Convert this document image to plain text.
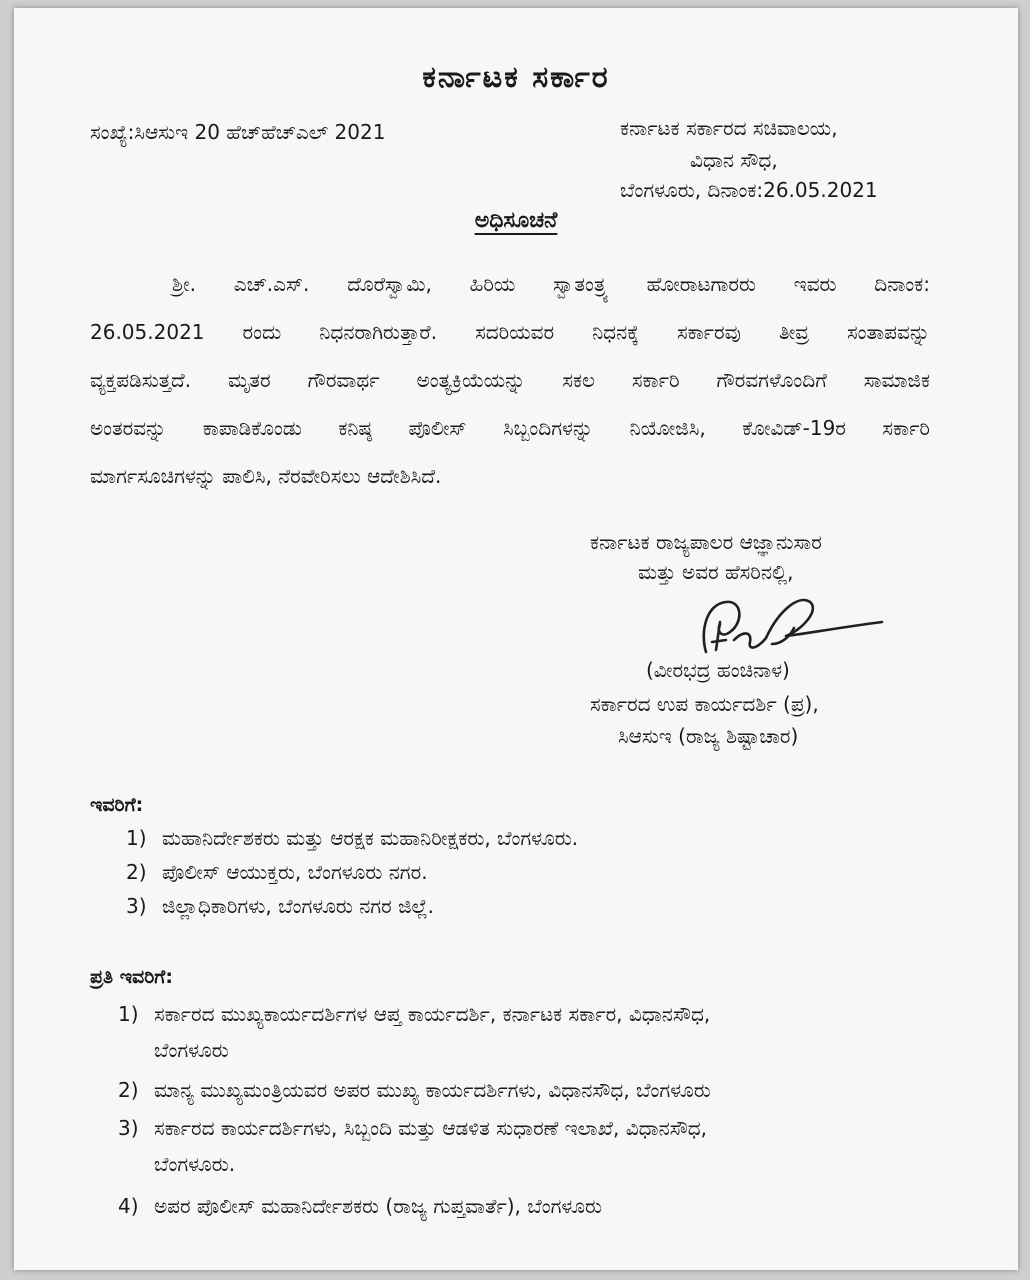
ಕರ್ನಾಟಕ ಸರ್ಕಾರ
ಸಂಖ್ಯೆ:ಸಿಆಸುಇ 20 ಹೆಚ್‌ಹೆಚ್‌ಎಲ್ 2021	ಕರ್ನಾಟಕ ಸರ್ಕಾರದ ಸಚಿವಾಲಯ,
ವಿಧಾನ ಸೌಧ,
ಬೆಂಗಳೂರು, ದಿನಾಂಕ:26.05.2021
ಅಧಿಸೂಚನೆ
ಶ್ರೀ. ಎಚ್.ಎಸ್. ದೊರೆಸ್ವಾಮಿ, ಹಿರಿಯ ಸ್ವಾತಂತ್ರ್ಯ ಹೋರಾಟಗಾರರು ಇವರು ದಿನಾಂಕ:
26.05.2021 ರಂದು ನಿಧನರಾಗಿರುತ್ತಾರೆ. ಸದರಿಯವರ ನಿಧನಕ್ಕೆ ಸರ್ಕಾರವು ತೀವ್ರ ಸಂತಾಪವನ್ನು
ವ್ಯಕ್ತಪಡಿಸುತ್ತದೆ. ಮೃತರ ಗೌರವಾರ್ಥ ಅಂತ್ಯಕ್ರಿಯೆಯನ್ನು ಸಕಲ ಸರ್ಕಾರಿ ಗೌರವಗಳೊಂದಿಗೆ ಸಾಮಾಜಿಕ
ಅಂತರವನ್ನು ಕಾಪಾಡಿಕೊಂಡು ಕನಿಷ್ಠ ಪೊಲೀಸ್ ಸಿಬ್ಬಂದಿಗಳನ್ನು ನಿಯೋಜಿಸಿ, ಕೋವಿಡ್-19ರ ಸರ್ಕಾರಿ
ಮಾರ್ಗಸೂಚಿಗಳನ್ನು ಪಾಲಿಸಿ, ನೆರವೇರಿಸಲು ಆದೇಶಿಸಿದೆ.
ಕರ್ನಾಟಕ ರಾಜ್ಯಪಾಲರ ಆಜ್ಞಾನುಸಾರ
ಮತ್ತು ಅವರ ಹೆಸರಿನಲ್ಲಿ,
(ವೀರಭದ್ರ ಹಂಚಿನಾಳ)
ಸರ್ಕಾರದ ಉಪ ಕಾರ್ಯದರ್ಶಿ (ಪ್ರ),
ಸಿಆಸುಇ (ರಾಜ್ಯ ಶಿಷ್ಟಾಚಾರ)
ಇವರಿಗೆ:
1) ಮಹಾನಿರ್ದೇಶಕರು ಮತ್ತು ಆರಕ್ಷಕ ಮಹಾನಿರೀಕ್ಷಕರು, ಬೆಂಗಳೂರು.
2) ಪೊಲೀಸ್ ಆಯುಕ್ತರು, ಬೆಂಗಳೂರು ನಗರ.
3) ಜಿಲ್ಲಾಧಿಕಾರಿಗಳು, ಬೆಂಗಳೂರು ನಗರ ಜಿಲ್ಲೆ.
ಪ್ರತಿ ಇವರಿಗೆ:
1) ಸರ್ಕಾರದ ಮುಖ್ಯಕಾರ್ಯದರ್ಶಿಗಳ ಆಪ್ತ ಕಾರ್ಯದರ್ಶಿ, ಕರ್ನಾಟಕ ಸರ್ಕಾರ, ವಿಧಾನಸೌಧ,
ಬೆಂಗಳೂರು
2) ಮಾನ್ಯ ಮುಖ್ಯಮಂತ್ರಿಯವರ ಅಪರ ಮುಖ್ಯ ಕಾರ್ಯದರ್ಶಿಗಳು, ವಿಧಾನಸೌಧ, ಬೆಂಗಳೂರು
3) ಸರ್ಕಾರದ ಕಾರ್ಯದರ್ಶಿಗಳು, ಸಿಬ್ಬಂದಿ ಮತ್ತು ಆಡಳಿತ ಸುಧಾರಣೆ ಇಲಾಖೆ, ವಿಧಾನಸೌಧ,
ಬೆಂಗಳೂರು.
4) ಅಪರ ಪೊಲೀಸ್ ಮಹಾನಿರ್ದೇಶಕರು (ರಾಜ್ಯ ಗುಪ್ತವಾರ್ತೆ), ಬೆಂಗಳೂರು
